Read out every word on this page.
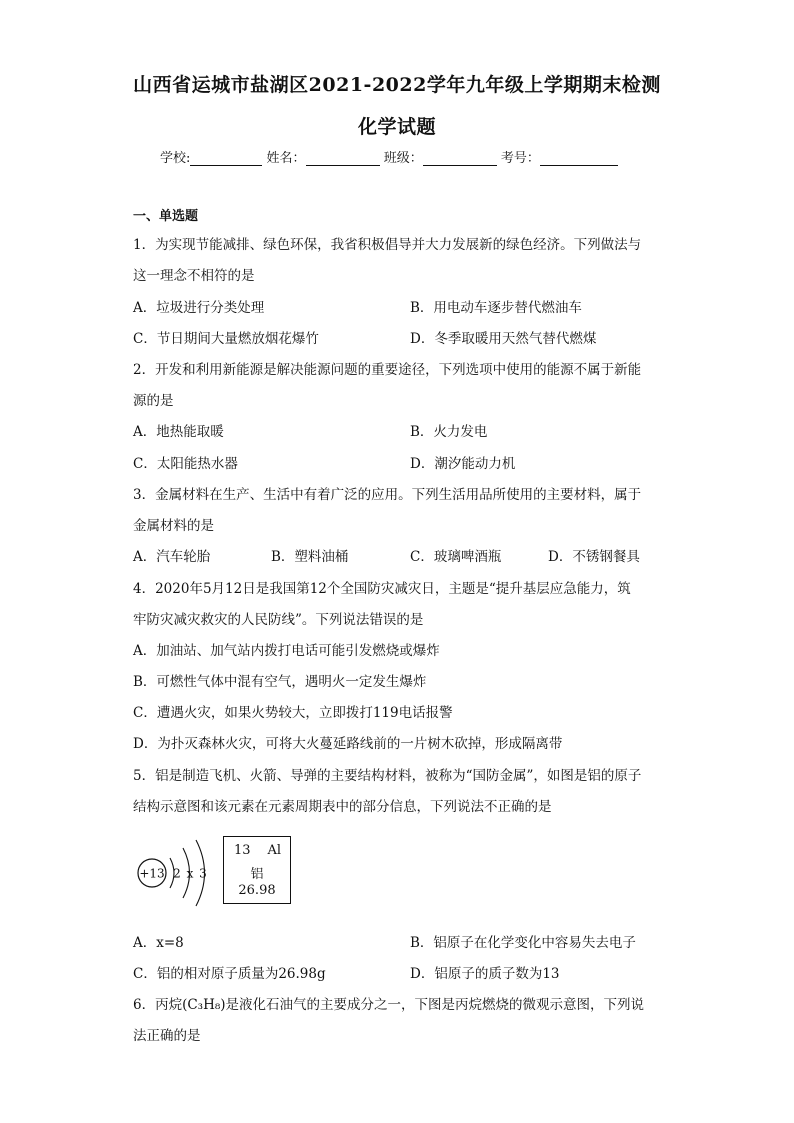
山西省运城市盐湖区2021-2022学年九年级上学期期末检测
化学试题
学校:	姓名：	班级：	考号：
一、单选题
1．为实现节能减排、绿色环保，我省积极倡导并大力发展新的绿色经济。下列做法与
这一理念不相符的是
A．垃圾进行分类处理	B．用电动车逐步替代燃油车
C．节日期间大量燃放烟花爆竹	D．冬季取暖用天然气替代燃煤
2．开发和利用新能源是解决能源问题的重要途径，下列选项中使用的能源不属于新能
源的是
A．地热能取暖	B．火力发电
C．太阳能热水器	D．潮汐能动力机
3．金属材料在生产、生活中有着广泛的应用。下列生活用品所使用的主要材料，属于
金属材料的是
A．汽车轮胎	B．塑料油桶	C．玻璃啤酒瓶	D．不锈钢餐具
4．2020年5月12日是我国第12个全国防灾减灾日，主题是“提升基层应急能力，筑
牢防灾减灾救灾的人民防线”。下列说法错误的是
A．加油站、加气站内拨打电话可能引发燃烧或爆炸
B．可燃性气体中混有空气，遇明火一定发生爆炸
C．遭遇火灾，如果火势较大，立即拨打119电话报警
D．为扑灭森林火灾，可将大火蔓延路线前的一片树木砍掉，形成隔离带
5．铝是制造飞机、火箭、导弹的主要结构材料，被称为“国防金属”，如图是铝的原子
结构示意图和该元素在元素周期表中的部分信息，下列说法不正确的是
+13 2 x 3
13 Al
铝
26.98
A．x=8	B．铝原子在化学变化中容易失去电子
C．铝的相对原子质量为26.98g	D．铝原子的质子数为13
6．丙烷(C₃H₈)是液化石油气的主要成分之一，下图是丙烷燃烧的微观示意图，下列说
法正确的是
